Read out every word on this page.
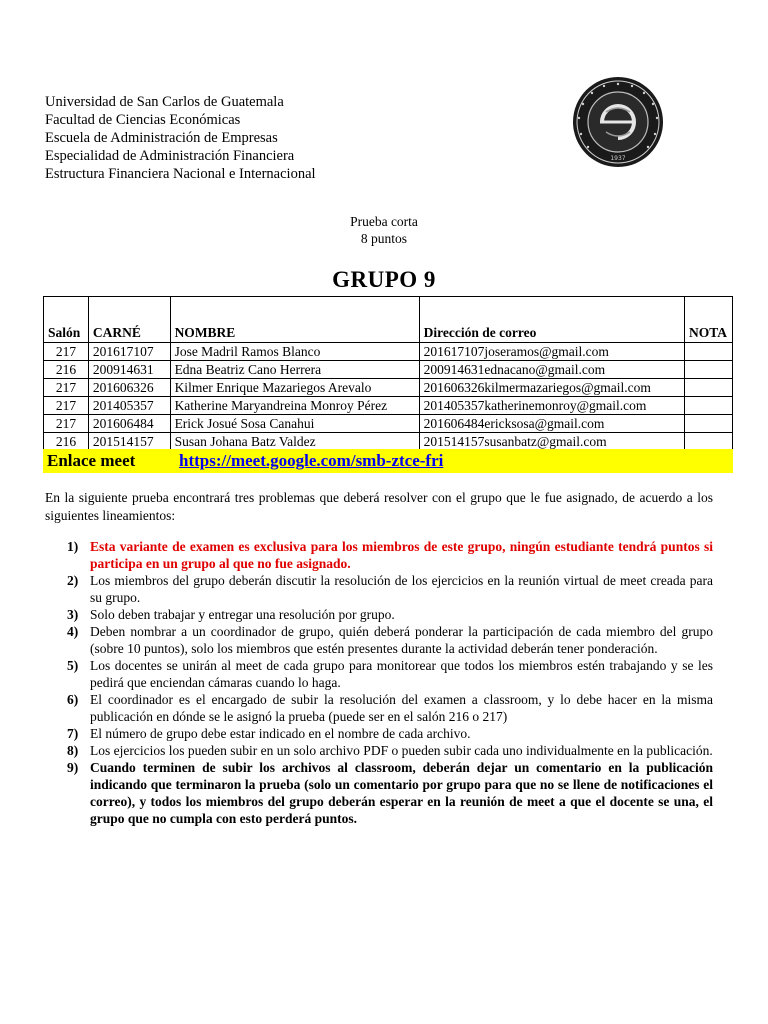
Universidad de San Carlos de Guatemala
Facultad de Ciencias Económicas
Escuela de Administración de Empresas
Especialidad de Administración Financiera
Estructura Financiera Nacional e Internacional
1937
Prueba corta
8 puntos
GRUPO 9
Salón	CARNÉ	NOMBRE	Dirección de correo	NOTA
217	201617107	Jose Madril Ramos Blanco	201617107joseramos@gmail.com	
216	200914631	Edna Beatriz Cano Herrera	200914631ednacano@gmail.com	
217	201606326	Kilmer Enrique Mazariegos Arevalo	201606326kilmermazariegos@gmail.com	
217	201405357	Katherine Maryandreina Monroy Pérez	201405357katherinemonroy@gmail.com	
217	201606484	Erick Josué Sosa Canahui	201606484ericksosa@gmail.com	
216	201514157	Susan Johana Batz Valdez	201514157susanbatz@gmail.com	
Enlace meet	https://meet.google.com/smb-ztce-fri
En la siguiente prueba encontrará tres problemas que deberá resolver con el grupo que le fue asignado, de acuerdo a los siguientes lineamientos:
1) Esta variante de examen es exclusiva para los miembros de este grupo, ningún estudiante tendrá puntos si participa en un grupo al que no fue asignado.
2) Los miembros del grupo deberán discutir la resolución de los ejercicios en la reunión virtual de meet creada para su grupo.
3) Solo deben trabajar y entregar una resolución por grupo.
4) Deben nombrar a un coordinador de grupo, quién deberá ponderar la participación de cada miembro del grupo (sobre 10 puntos), solo los miembros que estén presentes durante la actividad deberán tener ponderación.
5) Los docentes se unirán al meet de cada grupo para monitorear que todos los miembros estén trabajando y se les pedirá que enciendan cámaras cuando lo haga.
6) El coordinador es el encargado de subir la resolución del examen a classroom, y lo debe hacer en la misma publicación en dónde se le asignó la prueba (puede ser en el salón 216 o 217)
7) El número de grupo debe estar indicado en el nombre de cada archivo.
8) Los ejercicios los pueden subir en un solo archivo PDF o pueden subir cada uno individualmente en la publicación.
9) Cuando terminen de subir los archivos al classroom, deberán dejar un comentario en la publicación indicando que terminaron la prueba (solo un comentario por grupo para que no se llene de notificaciones el correo), y todos los miembros del grupo deberán esperar en la reunión de meet a que el docente se una, el grupo que no cumpla con esto perderá puntos.
